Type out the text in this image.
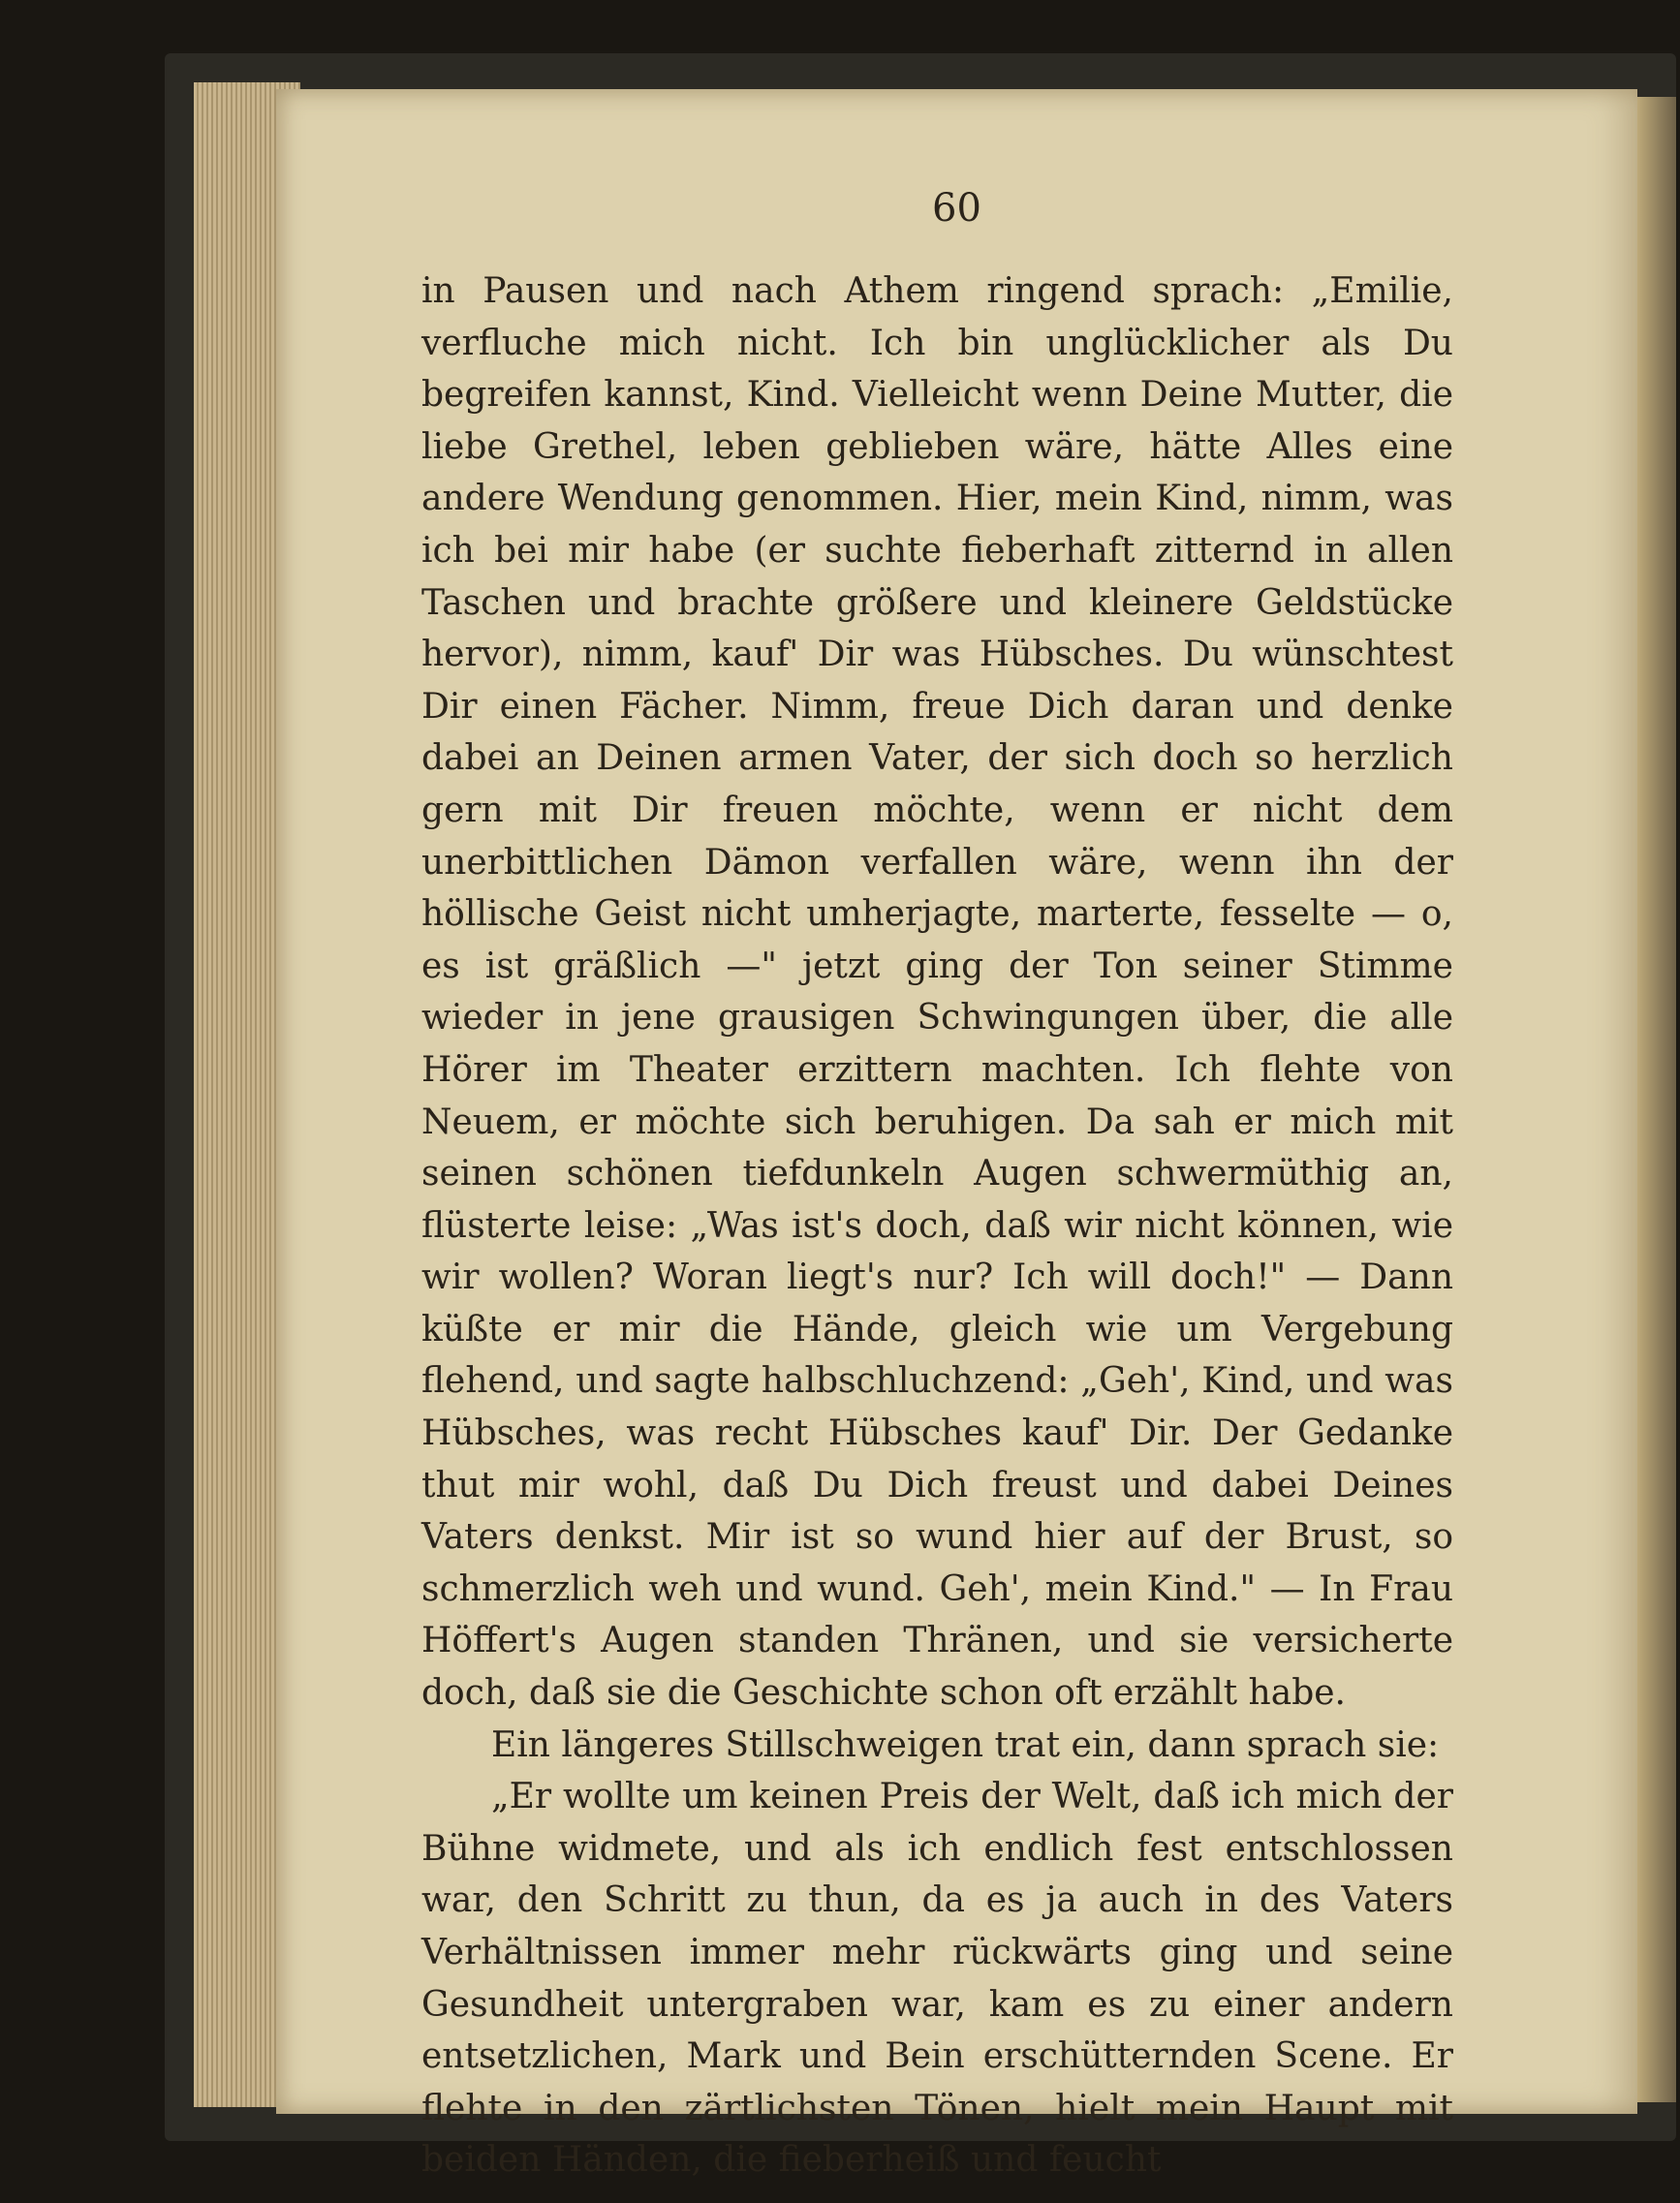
60

in Pausen und nach Athem ringend sprach: „Emilie, verfluche mich nicht. Ich bin unglücklicher als Du begreifen kannst, Kind. Vielleicht wenn Deine Mutter, die liebe Grethel, leben geblieben wäre, hätte Alles eine andere Wendung genommen. Hier, mein Kind, nimm, was ich bei mir habe (er suchte fieberhaft zitternd in allen Taschen und brachte größere und kleinere Geldstücke hervor), nimm, kauf' Dir was Hübsches. Du wünschtest Dir einen Fächer. Nimm, freue Dich daran und denke dabei an Deinen armen Vater, der sich doch so herzlich gern mit Dir freuen möchte, wenn er nicht dem unerbittlichen Dämon verfallen wäre, wenn ihn der höllische Geist nicht umherjagte, marterte, fesselte — o, es ist gräßlich —" jetzt ging der Ton seiner Stimme wieder in jene grausigen Schwingungen über, die alle Hörer im Theater erzittern machten. Ich flehte von Neuem, er möchte sich beruhigen. Da sah er mich mit seinen schönen tiefdunkeln Augen schwermüthig an, flüsterte leise: „Was ist's doch, daß wir nicht können, wie wir wollen? Woran liegt's nur? Ich will doch!" — Dann küßte er mir die Hände, gleich wie um Vergebung flehend, und sagte halbschluchzend: „Geh', Kind, und was Hübsches, was recht Hübsches kauf' Dir. Der Gedanke thut mir wohl, daß Du Dich freust und dabei Deines Vaters denkst. Mir ist so wund hier auf der Brust, so schmerzlich weh und wund. Geh', mein Kind." — In Frau Höffert's Augen standen Thränen, und sie versicherte doch, daß sie die Geschichte schon oft erzählt habe.

Ein längeres Stillschweigen trat ein, dann sprach sie:

„Er wollte um keinen Preis der Welt, daß ich mich der Bühne widmete, und als ich endlich fest entschlossen war, den Schritt zu thun, da es ja auch in des Vaters Verhältnissen immer mehr rückwärts ging und seine Gesundheit untergraben war, kam es zu einer andern entsetzlichen, Mark und Bein erschütternden Scene. Er flehte in den zärtlichsten Tönen, hielt mein Haupt mit beiden Händen, die fieberheiß und feucht
